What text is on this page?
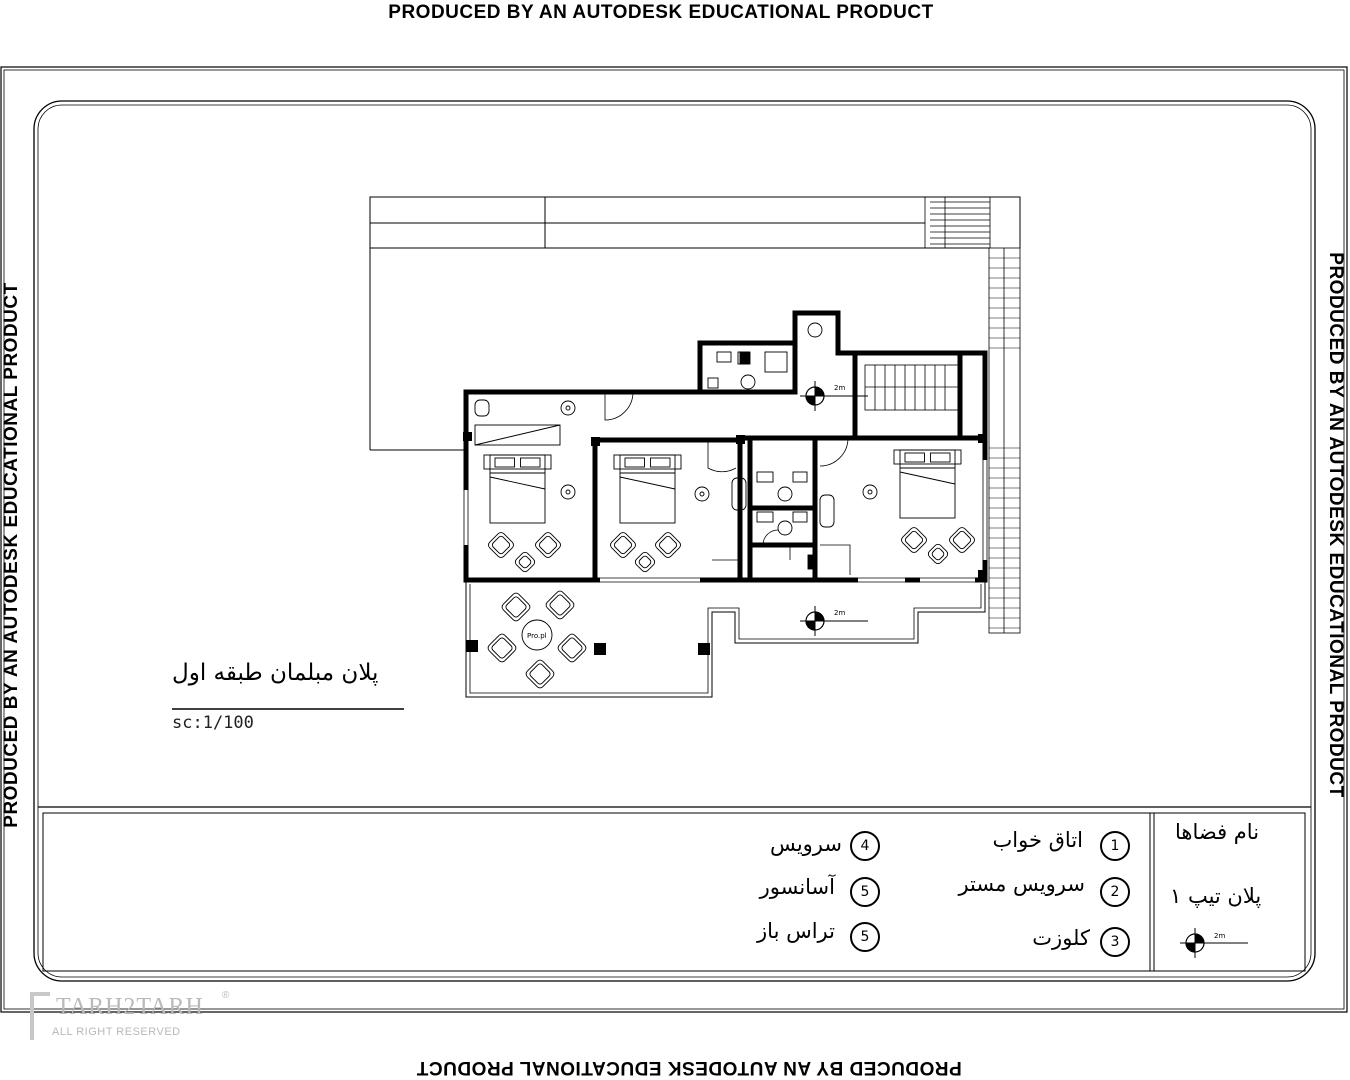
PRODUCED BY AN AUTODESK EDUCATIONAL PRODUCT
PRODUCED BY AN AUTODESK EDUCATIONAL PRODUCT
PRODUCED BY AN AUTODESK EDUCATIONAL PRODUCT	PRODUCED BY AN AUTODESK EDUCATIONAL PRODUCT
2m
2m
Pro.pl
پلان مبلمان طبقه اول
sc:1/100
نام فضاها
پلان تیپ ۱
2m
1
اتاق خواب
2
سرویس مستر
3
کلوزت
4
سرویس
5
آسانسور
5
تراس باز
TARH2TARH
ALL RIGHT RESERVED
®
